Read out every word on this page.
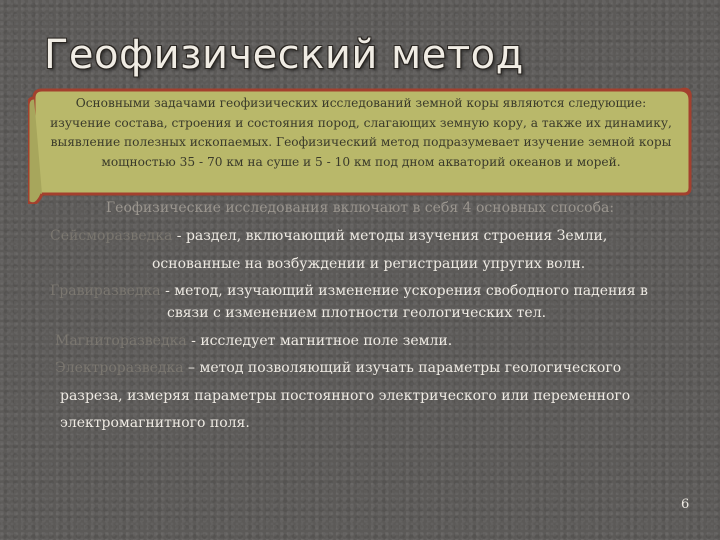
Геофизический метод
Основными задачами геофизических исследований земной коры являются следующие: изучение состава, строения и состояния пород, слагающих земную кору, а также их динамику, выявление полезных ископаемых. Геофизический метод подразумевает изучение земной коры мощностью 35 - 70 км на суше и 5 - 10 км под дном акваторий океанов и морей.
Геофизические исследования включают в себя 4 основных способа:
Сейсморазведка - раздел, включающий методы изучения строения Земли,
основанные на возбуждении и регистрации упругих волн.
Гравиразведка - метод, изучающий изменение ускорения свободного падения в
связи с изменением плотности геологических тел.
Магниторазведка - исследует магнитное поле земли.
Электроразведка – метод позволяющий изучать параметры геологического
разреза, измеряя параметры постоянного электрического или переменного
электромагнитного поля.
6
